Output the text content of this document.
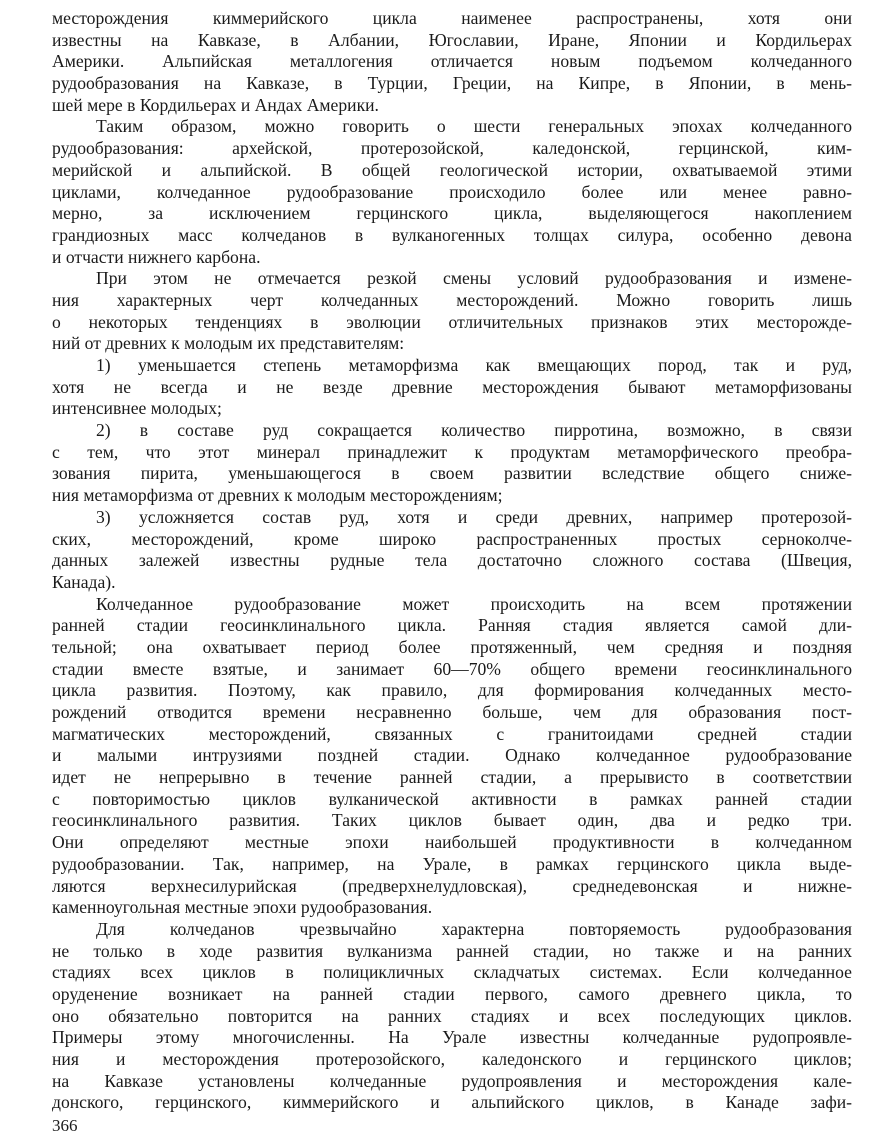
месторождения киммерийского цикла наименее распространены, хотя они
известны на Кавказе, в Албании, Югославии, Иране, Японии и Кордильерах
Америки. Альпийская металлогения отличается новым подъемом колчеданного
рудообразования на Кавказе, в Турции, Греции, на Кипре, в Японии, в мень-
шей мере в Кордильерах и Андах Америки.
Таким образом, можно говорить о шести генеральных эпохах колчеданного
рудообразования: архейской, протерозойской, каледонской, герцинской, ким-
мерийской и альпийской. В общей геологической истории, охватываемой этими
циклами, колчеданное рудообразование происходило более или менее равно-
мерно, за исключением герцинского цикла, выделяющегося накоплением
грандиозных масс колчеданов в вулканогенных толщах силура, особенно девона
и отчасти нижнего карбона.
При этом не отмечается резкой смены условий рудообразования и измене-
ния характерных черт колчеданных месторождений. Можно говорить лишь
о некоторых тенденциях в эволюции отличительных признаков этих месторожде-
ний от древних к молодым их представителям:
1) уменьшается степень метаморфизма как вмещающих пород, так и руд,
хотя не всегда и не везде древние месторождения бывают метаморфизованы
интенсивнее молодых;
2) в составе руд сокращается количество пирротина, возможно, в связи
с тем, что этот минерал принадлежит к продуктам метаморфического преобра-
зования пирита, уменьшающегося в своем развитии вследствие общего сниже-
ния метаморфизма от древних к молодым месторождениям;
3) усложняется состав руд, хотя и среди древних, например протерозой-
ских, месторождений, кроме широко распространенных простых серноколче-
данных залежей известны рудные тела достаточно сложного состава (Швеция,
Канада).
Колчеданное рудообразование может происходить на всем протяжении
ранней стадии геосинклинального цикла. Ранняя стадия является самой дли-
тельной; она охватывает период более протяженный, чем средняя и поздняя
стадии вместе взятые, и занимает 60—70% общего времени геосинклинального
цикла развития. Поэтому, как правило, для формирования колчеданных место-
рождений отводится времени несравненно больше, чем для образования пост-
магматических месторождений, связанных с гранитоидами средней стадии
и малыми интрузиями поздней стадии. Однако колчеданное рудообразование
идет не непрерывно в течение ранней стадии, а прерывисто в соответствии
с повторимостью циклов вулканической активности в рамках ранней стадии
геосинклинального развития. Таких циклов бывает один, два и редко три.
Они определяют местные эпохи наибольшей продуктивности в колчеданном
рудообразовании. Так, например, на Урале, в рамках герцинского цикла выде-
ляются верхнесилурийская (предверхнелудловская), среднедевонская и нижне-
каменноугольная местные эпохи рудообразования.
Для колчеданов чрезвычайно характерна повторяемость рудообразования
не только в ходе развития вулканизма ранней стадии, но также и на ранних
стадиях всех циклов в полицикличных складчатых системах. Если колчеданное
оруденение возникает на ранней стадии первого, самого древнего цикла, то
оно обязательно повторится на ранних стадиях и всех последующих циклов.
Примеры этому многочисленны. На Урале известны колчеданные рудопроявле-
ния и месторождения протерозойского, каледонского и герцинского циклов;
на Кавказе установлены колчеданные рудопроявления и месторождения кале-
донского, герцинского, киммерийского и альпийского циклов, в Канаде зафи-
366
